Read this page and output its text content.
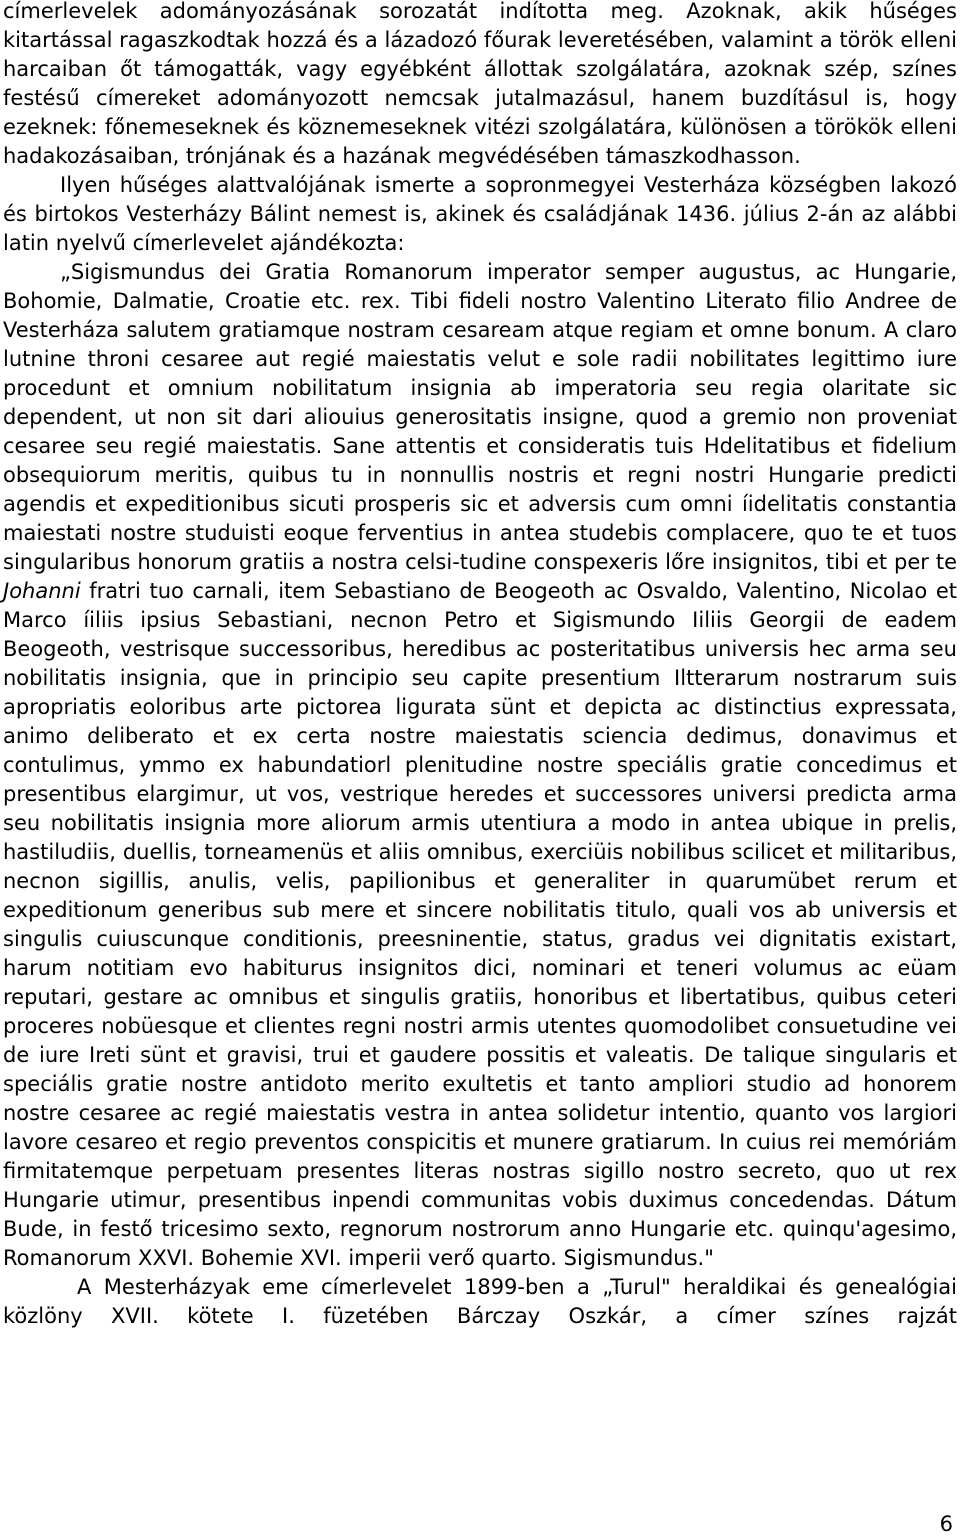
címerlevelek adományozásának sorozatát indította meg. Azoknak, akik hűséges kitartással ragaszkodtak hozzá és a lázadozó főurak leveretésében, valamint a török elleni harcaiban őt támogatták, vagy egyébként állottak szolgálatára, azoknak szép, színes festésű címereket adományozott nemcsak jutalmazásul, hanem buzdításul is, hogy ezeknek: főnemeseknek és köznemeseknek vitézi szolgálatára, különösen a törökök elleni hadakozásaiban, trónjának és a hazának megvédésében támaszkodhasson.

Ilyen hűséges alattvalójának ismerte a sopronmegyei Vesterháza községben lakozó és birtokos Vesterházy Bálint nemest is, akinek és családjának 1436. július 2-án az alábbi latin nyelvű címerlevelet ajándékozta:

„Sigismundus dei Gratia Romanorum imperator semper augustus, ac Hungarie, Bohomie, Dalmatie, Croatie etc. rex. Tibi fideli nostro Valentino Literato filio Andree de Vesterháza salutem gratiamque nostram cesaream atque regiam et omne bonum. A claro lutnine throni cesaree aut regié maiestatis velut e sole radii nobilitates legittimo iure procedunt et omnium nobilitatum insignia ab imperatoria seu regia olaritate sic dependent, ut non sit dari aliouius generositatis insigne, quod a gremio non proveniat cesaree seu regié maiestatis. Sane attentis et consideratis tuis Hdelitatibus et fidelium obsequiorum meritis, quibus tu in nonnullis nostris et regni nostri Hungarie predicti agendis et expeditionibus sicuti prosperis sic et adversis cum omni íidelitatis constantia maiestati nostre studuisti eoque ferventius in antea studebis complacere, quo te et tuos singularibus honorum gratiis a nostra celsi-tudine conspexeris lőre insignitos, tibi et per te Johanni fratri tuo carnali, item Sebastiano de Beogeoth ac Osvaldo, Valentino, Nicolao et Marco íiliis ipsius Sebastiani, necnon Petro et Sigismundo Iiliis Georgii de eadem Beogeoth, vestrisque successoribus, heredibus ac posteritatibus universis hec arma seu nobilitatis insignia, que in principio seu capite presentium Iltterarum nostrarum suis apropriatis eoloribus arte pictorea ligurata sünt et depicta ac distinctius expressata, animo deliberato et ex certa nostre maiestatis sciencia dedimus, donavimus et contulimus, ymmo ex habundatiorl plenitudine nostre speciális gratie concedimus et presentibus elargimur, ut vos, vestrique heredes et successores universi predicta arma seu nobilitatis insignia more aliorum armis utentiura a modo in antea ubique in prelis, hastiludiis, duellis, torneamenüs et aliis omnibus, exerciüis nobilibus scilicet et militaribus, necnon sigillis, anulis, velis, papilionibus et generaliter in quarumübet rerum et expeditionum generibus sub mere et sincere nobilitatis titulo, quali vos ab universis et singulis cuiuscunque conditionis, preesninentie, status, gradus vei dignitatis existart, harum notitiam evo habiturus insignitos dici, nominari et teneri volumus ac eüam reputari, gestare ac omnibus et singulis gratiis, honoribus et libertatibus, quibus ceteri proceres nobüesque et clientes regni nostri armis utentes quomodolibet consuetudine vei de iure Ireti sünt et gravisi, trui et gaudere possitis et valeatis. De talique singularis et speciális gratie nostre antidoto merito exultetis et tanto ampliori studio ad honorem nostre cesaree ac regié maiestatis vestra in antea solidetur intentio, quanto vos largiori lavore cesareo et regio preventos conspicitis et munere gratiarum. In cuius rei memóriám firmitatemque perpetuam presentes literas nostras sigillo nostro secreto, quo ut rex Hungarie utimur, presentibus inpendi communitas vobis duximus concedendas. Dátum Bude, in festő tricesimo sexto, regnorum nostrorum anno Hungarie etc. quinqu'agesimo, Romanorum XXVI. Bohemie XVI. imperii verő quarto. Sigismundus."

A Mesterházyak eme címerlevelet 1899-ben a „Turul" heraldikai és genealógiai közlöny XVII. kötete I. füzetében Bárczay Oszkár, a címer színes rajzát

6
